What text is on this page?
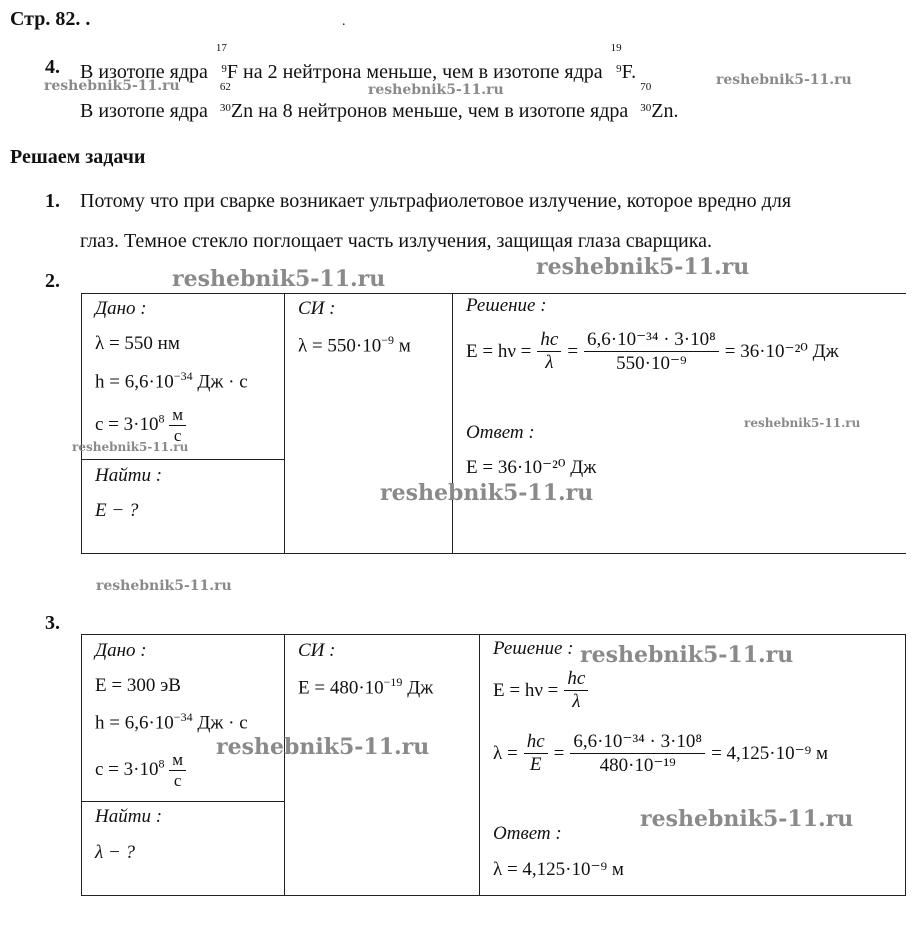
Стр. 82. .	.
4. В изотопе ядра
17
9 F на 2 нейтрона меньше, чем в изотопе ядра
19
9 F.
В изотопе ядра
62
30 Zn на 8 нейтронов меньше, чем в изотопе ядра
70
30 Zn.
Решаем задачи
1. Потому что при сварке возникает ультрафиолетовое излучение, которое вредно для
глаз. Темное стекло поглощает часть излучения, защищая глаза сварщика.
2.
Дано :
λ = 550 нм
$h = 6,6\cdot 10^{-34}$ Дж · с
$c = 3\cdot 10^8 \frac{м}{с}$
Найти :
E − ?
СИ :
$\lambda = 550\cdot 10^{-9}$ м
Решение :
$E = h\nu = \frac{hc}{\lambda} = \frac{\text{6,6·10⁻³⁴ · 3·10⁸}}{\text{550·10⁻⁹}} = 36\cdot 10^{-20}$ Дж
Ответ :
E = 36·10⁻²⁰ Дж
3.
Дано :
E = 300 эВ
$h = 6,6\cdot 10^{-34}$ Дж · с
$c = 3\cdot 10^8 \frac{м}{с}$
Найти :
λ − ?
СИ :
$E = 480\cdot 10^{-19}$ Дж
Решение :
$E = h\nu = \frac{hc}{\lambda}$
$\lambda = \frac{hc}{E} = \frac{\text{6,6·10⁻³⁴ · 3·10⁸}}{\text{480·10⁻¹⁹}} = 4,125\cdot 10^{-9}$ м
Ответ :
λ = 4,125·10⁻⁹ м
reshebnik5-11.ru	reshebnik5-11.ru
reshebnik5-11.ru
reshebnik5-11.ru	reshebnik5-11.ru
reshebnik5-11.ru
reshebnik5-11.ru
reshebnik5-11.ru
reshebnik5-11.ru
reshebnik5-11.ru
reshebnik5-11.ru
reshebnik5-11.ru
